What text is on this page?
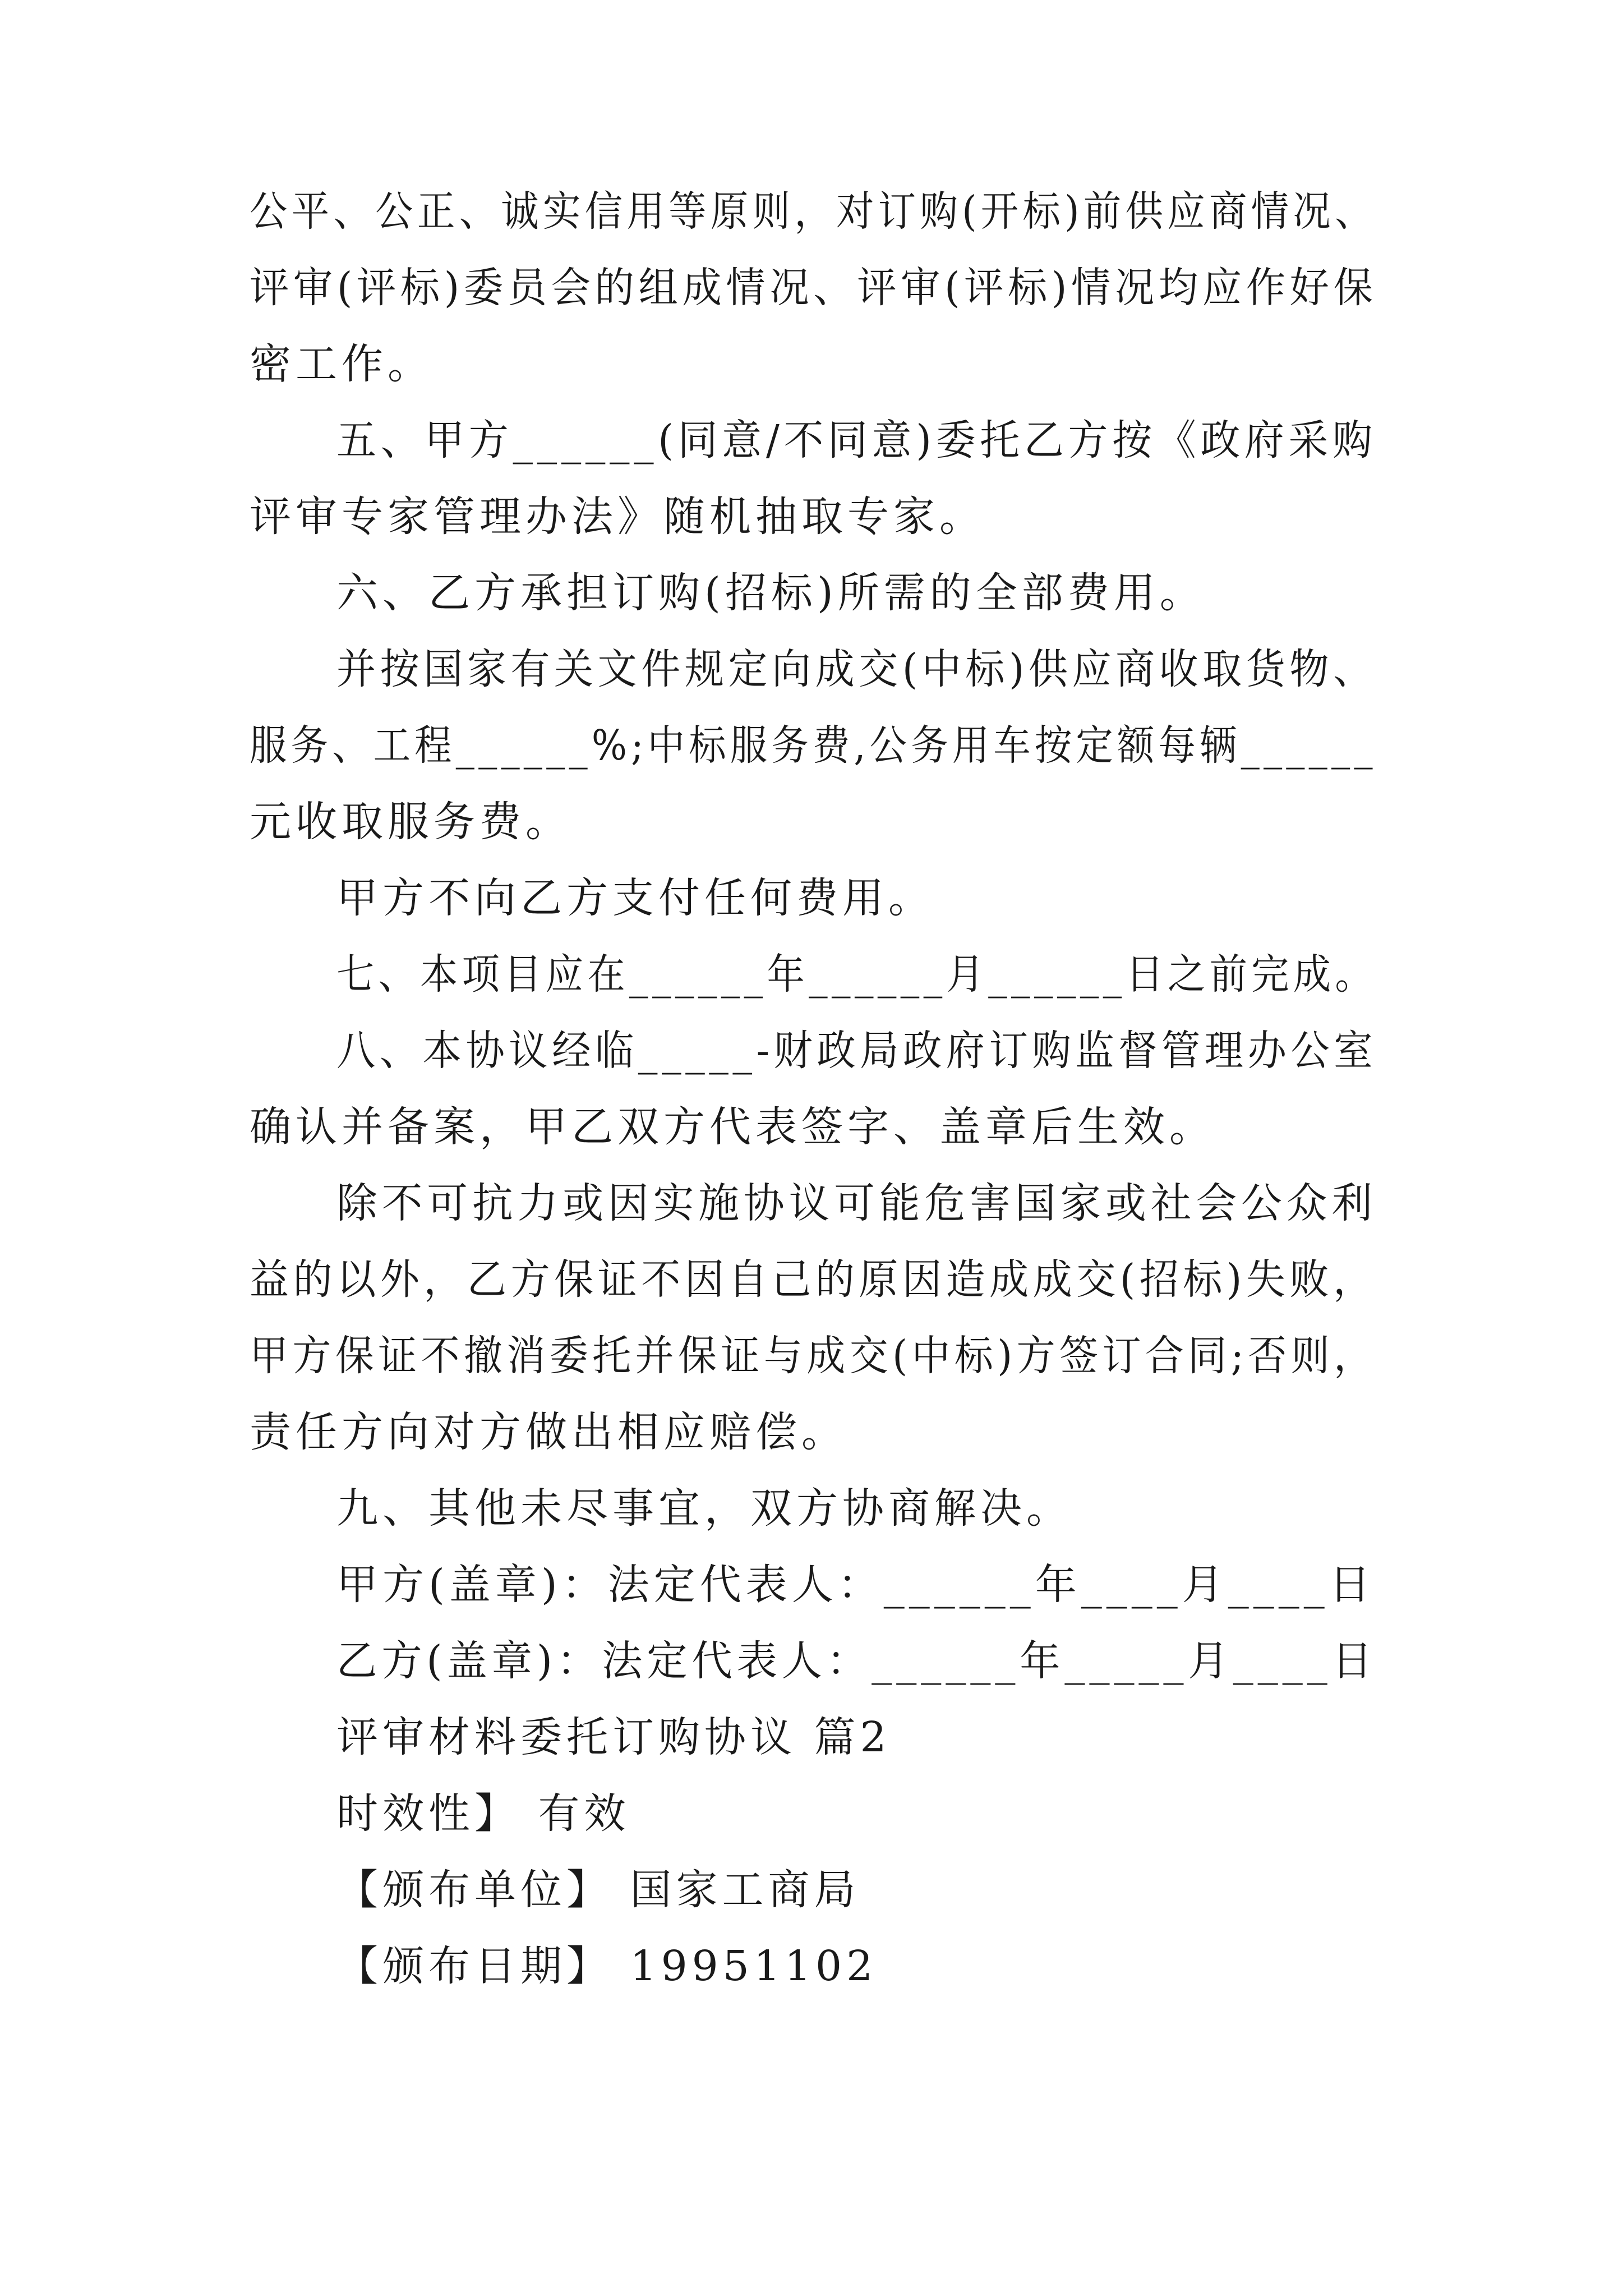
公平、公正、诚实信用等原则，对订购(开标)前供应商情况、
评审(评标)委员会的组成情况、评审(评标)情况均应作好保
密工作。
五、甲方______(同意/不同意)委托乙方按《政府采购
评审专家管理办法》随机抽取专家。
六、乙方承担订购(招标)所需的全部费用。
并按国家有关文件规定向成交(中标)供应商收取货物、
服务、工程______%;中标服务费,公务用车按定额每辆______
元收取服务费。
甲方不向乙方支付任何费用。
七、本项目应在______年______月______日之前完成。
八、本协议经临_____-财政局政府订购监督管理办公室
确认并备案，甲乙双方代表签字、盖章后生效。
除不可抗力或因实施协议可能危害国家或社会公众利
益的以外，乙方保证不因自己的原因造成成交(招标)失败，
甲方保证不撤消委托并保证与成交(中标)方签订合同;否则，
责任方向对方做出相应赔偿。
九、其他未尽事宜，双方协商解决。
甲方(盖章)：法定代表人：______年____月____日
乙方(盖章)：法定代表人：______年_____月____日
评审材料委托订购协议 篇2
时效性】 有效
【颁布单位】 国家工商局
【颁布日期】 19951102
